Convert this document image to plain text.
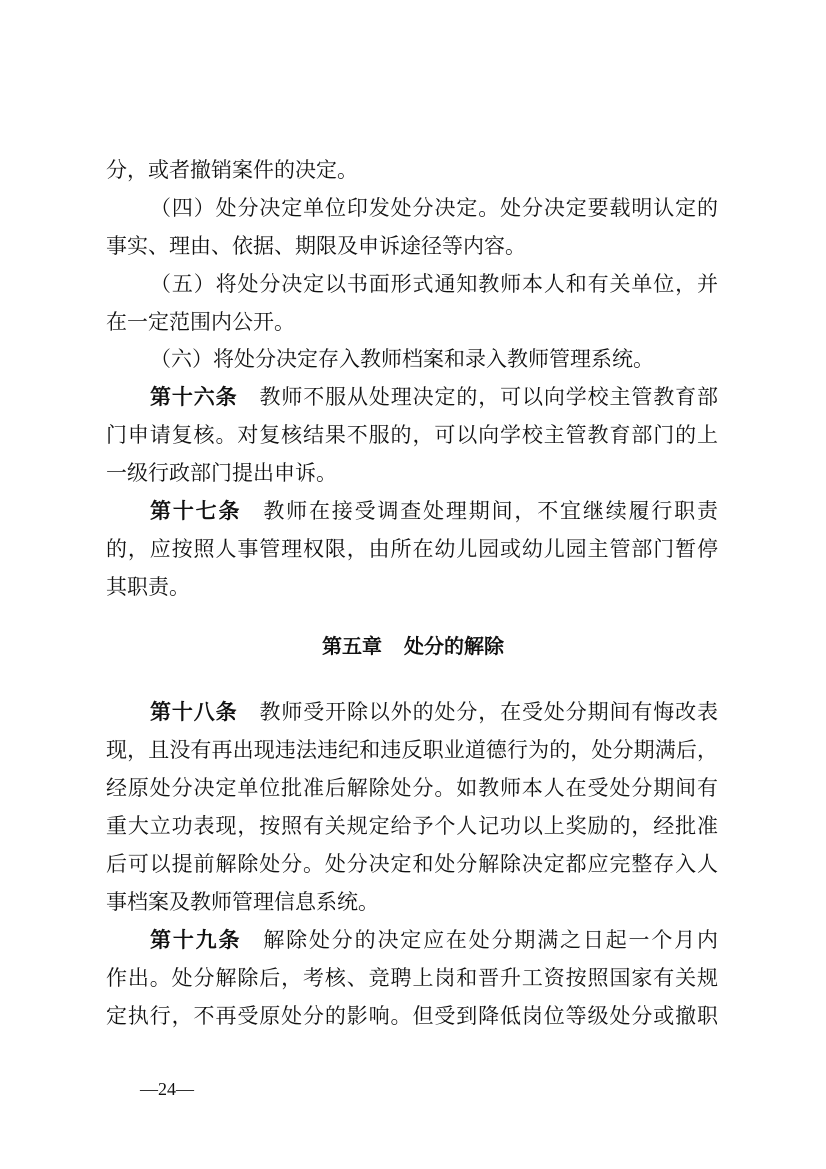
分，或者撤销案件的决定。
（四）处分决定单位印发处分决定。处分决定要载明认定的
事实、理由、依据、期限及申诉途径等内容。
（五）将处分决定以书面形式通知教师本人和有关单位，并
在一定范围内公开。
（六）将处分决定存入教师档案和录入教师管理系统。
第十六条 教师不服从处理决定的，可以向学校主管教育部
门申请复核。对复核结果不服的，可以向学校主管教育部门的上
一级行政部门提出申诉。
第十七条 教师在接受调查处理期间，不宜继续履行职责
的，应按照人事管理权限，由所在幼儿园或幼儿园主管部门暂停
其职责。
第五章 处分的解除
第十八条 教师受开除以外的处分，在受处分期间有悔改表
现，且没有再出现违法违纪和违反职业道德行为的，处分期满后，
经原处分决定单位批准后解除处分。如教师本人在受处分期间有
重大立功表现，按照有关规定给予个人记功以上奖励的，经批准
后可以提前解除处分。处分决定和处分解除决定都应完整存入人
事档案及教师管理信息系统。
第十九条 解除处分的决定应在处分期满之日起一个月内
作出。处分解除后，考核、竞聘上岗和晋升工资按照国家有关规
定执行，不再受原处分的影响。但受到降低岗位等级处分或撤职
—24—
